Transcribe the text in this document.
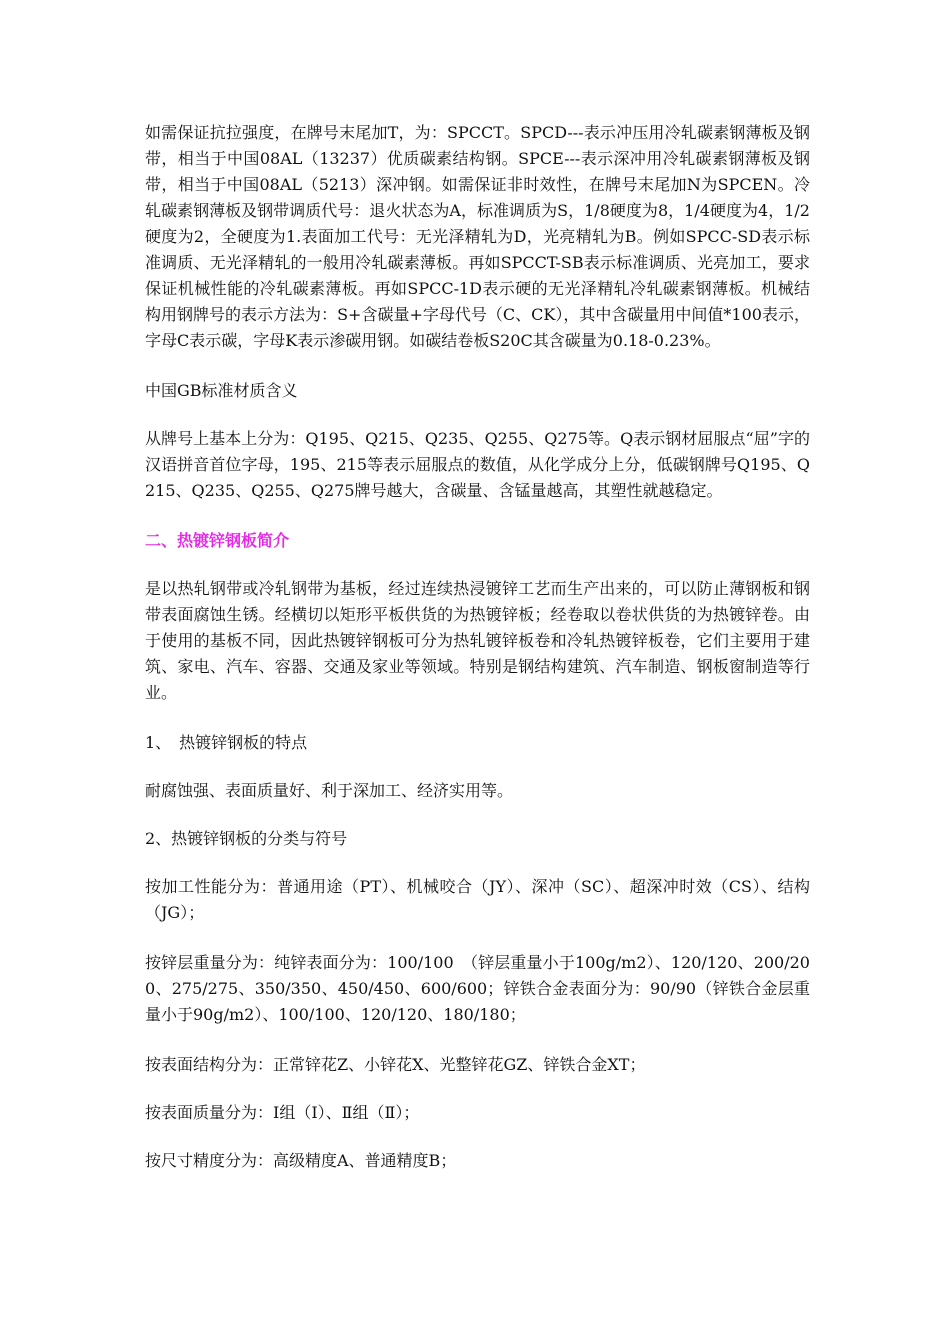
如需保证抗拉强度，在牌号末尾加T，为：SPCCT。SPCD---表示冲压用冷轧碳素钢薄板及钢带，相当于中国08AL（13237）优质碳素结构钢。SPCE---表示深冲用冷轧碳素钢薄板及钢带，相当于中国08AL（5213）深冲钢。如需保证非时效性，在牌号末尾加N为SPCEN。冷轧碳素钢薄板及钢带调质代号：退火状态为A，标准调质为S，1/8硬度为8，1/4硬度为4，1/2硬度为2，全硬度为1.表面加工代号：无光泽精轧为D，光亮精轧为B。例如SPCC-SD表示标准调质、无光泽精轧的一般用冷轧碳素薄板。再如SPCCT-SB表示标准调质、光亮加工，要求保证机械性能的冷轧碳素薄板。再如SPCC-1D表示硬的无光泽精轧冷轧碳素钢薄板。机械结构用钢牌号的表示方法为：S+含碳量+字母代号（C、CK），其中含碳量用中间值*100表示，字母C表示碳，字母K表示渗碳用钢。如碳结卷板S20C其含碳量为0.18-0.23%。

中国GB标准材质含义

从牌号上基本上分为：Q195、Q215、Q235、Q255、Q275等。Q表示钢材屈服点“屈”字的汉语拼音首位字母，195、215等表示屈服点的数值，从化学成分上分，低碳钢牌号Q195、Q215、Q235、Q255、Q275牌号越大，含碳量、含锰量越高，其塑性就越稳定。

二、热镀锌钢板简介

是以热轧钢带或冷轧钢带为基板，经过连续热浸镀锌工艺而生产出来的，可以防止薄钢板和钢带表面腐蚀生锈。经横切以矩形平板供货的为热镀锌板；经卷取以卷状供货的为热镀锌卷。由于使用的基板不同，因此热镀锌钢板可分为热轧镀锌板卷和冷轧热镀锌板卷，它们主要用于建筑、家电、汽车、容器、交通及家业等领域。特别是钢结构建筑、汽车制造、钢板窗制造等行业。

1、　热镀锌钢板的特点

耐腐蚀强、表面质量好、利于深加工、经济实用等。

2、热镀锌钢板的分类与符号

按加工性能分为：普通用途（PT）、机械咬合（JY）、深冲（SC）、超深冲时效（CS）、结构（JG）；

按锌层重量分为：纯锌表面分为：100/100　（锌层重量小于100g/m2）、120/120、200/200、275/275、350/350、450/450、600/600；锌铁合金表面分为：90/90（锌铁合金层重量小于90g/m2）、100/100、120/120、180/180；

按表面结构分为：正常锌花Z、小锌花X、光整锌花GZ、锌铁合金XT；

按表面质量分为：Ⅰ组（Ⅰ）、Ⅱ组（Ⅱ）；

按尺寸精度分为：高级精度A、普通精度B；
